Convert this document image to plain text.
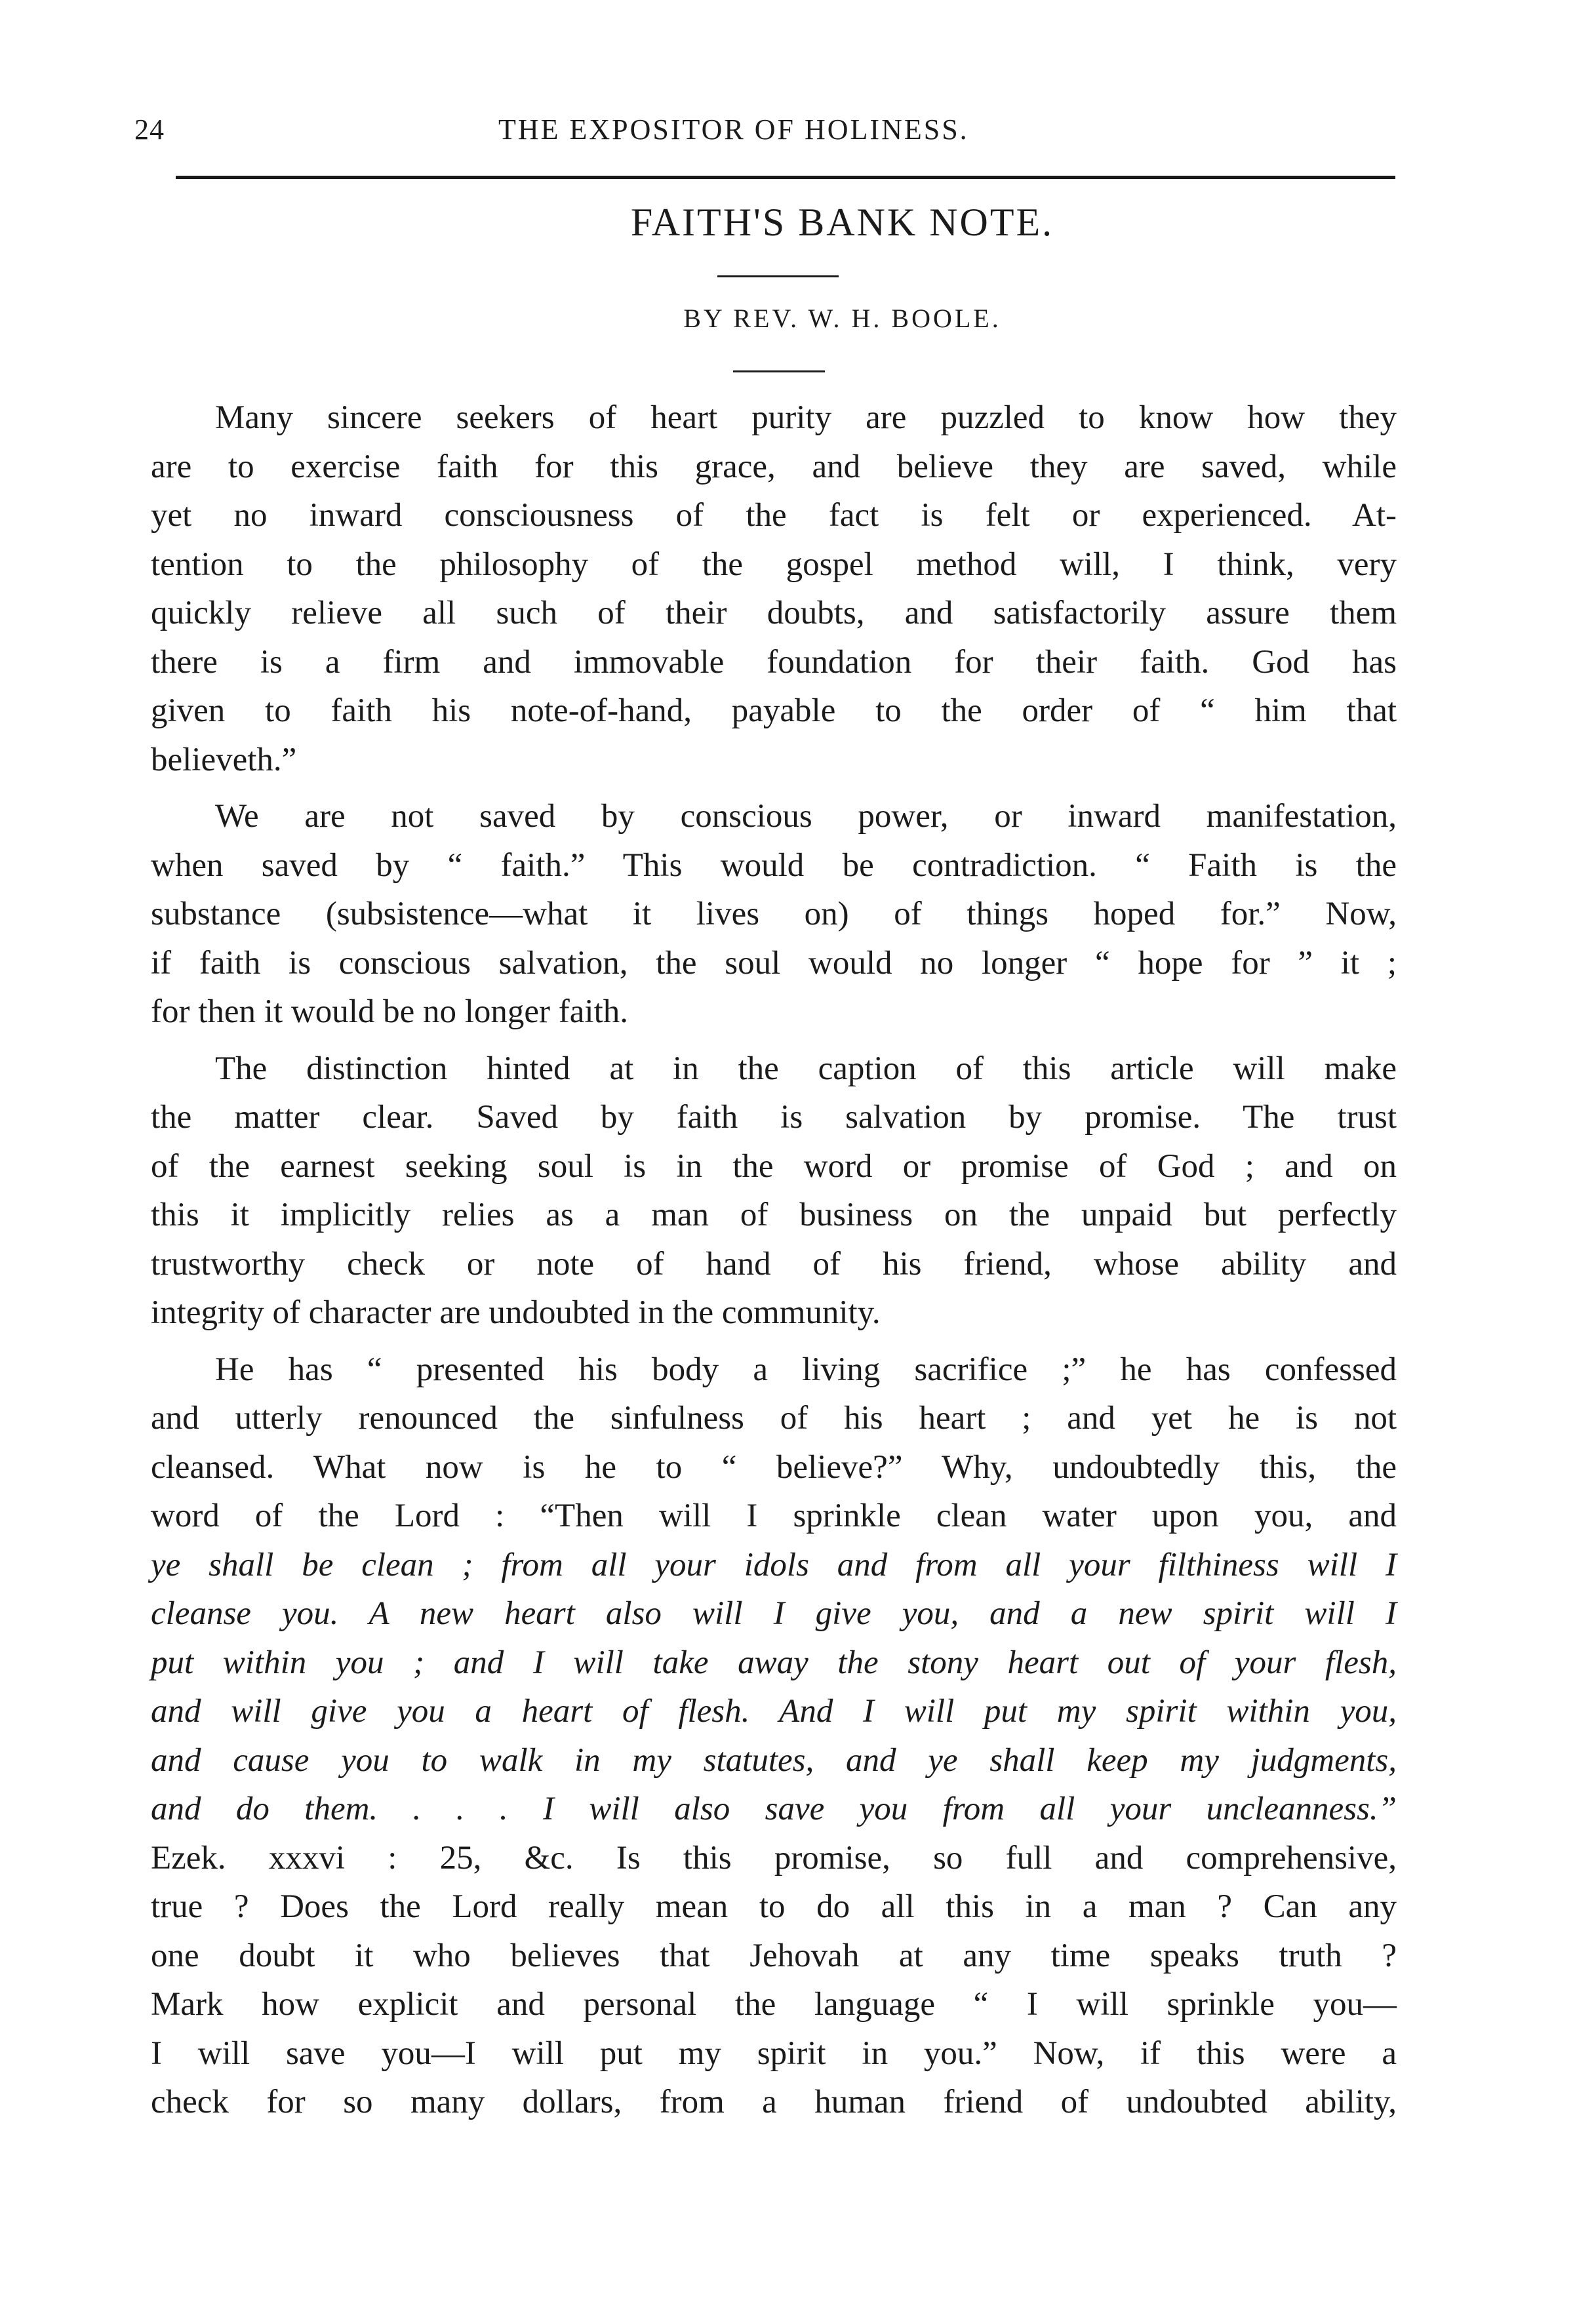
24	THE EXPOSITOR OF HOLINESS.
FAITH'S BANK NOTE.
BY REV. W. H. BOOLE.
Many sincere seekers of heart purity are puzzled to know how they
are to exercise faith for this grace, and believe they are saved, while
yet no inward consciousness of the fact is felt or experienced. At-
tention to the philosophy of the gospel method will, I think, very
quickly relieve all such of their doubts, and satisfactorily assure them
there is a firm and immovable foundation for their faith. God has
given to faith his note-of-hand, payable to the order of “ him that
believeth.”
We are not saved by conscious power, or inward manifestation,
when saved by “ faith.” This would be contradiction. “ Faith is the
substance (subsistence—what it lives on) of things hoped for.” Now,
if faith is conscious salvation, the soul would no longer “ hope for ” it ;
for then it would be no longer faith.
The distinction hinted at in the caption of this article will make
the matter clear. Saved by faith is salvation by promise. The trust
of the earnest seeking soul is in the word or promise of God ; and on
this it implicitly relies as a man of business on the unpaid but perfectly
trustworthy check or note of hand of his friend, whose ability and
integrity of character are undoubted in the community.
He has “ presented his body a living sacrifice ;” he has confessed
and utterly renounced the sinfulness of his heart ; and yet he is not
cleansed. What now is he to “ believe?” Why, undoubtedly this, the
word of the Lord : “Then will I sprinkle clean water upon you, and
ye shall be clean ; from all your idols and from all your filthiness will I
cleanse you. A new heart also will I give you, and a new spirit will I
put within you ; and I will take away the stony heart out of your flesh,
and will give you a heart of flesh. And I will put my spirit within you,
and cause you to walk in my statutes, and ye shall keep my judgments,
and do them. . . . I will also save you from all your uncleanness.”
Ezek. xxxvi : 25, &c. Is this promise, so full and comprehensive,
true ? Does the Lord really mean to do all this in a man ? Can any
one doubt it who believes that Jehovah at any time speaks truth ?
Mark how explicit and personal the language “ I will sprinkle you—
I will save you—I will put my spirit in you.” Now, if this were a
check for so many dollars, from a human friend of undoubted ability,
